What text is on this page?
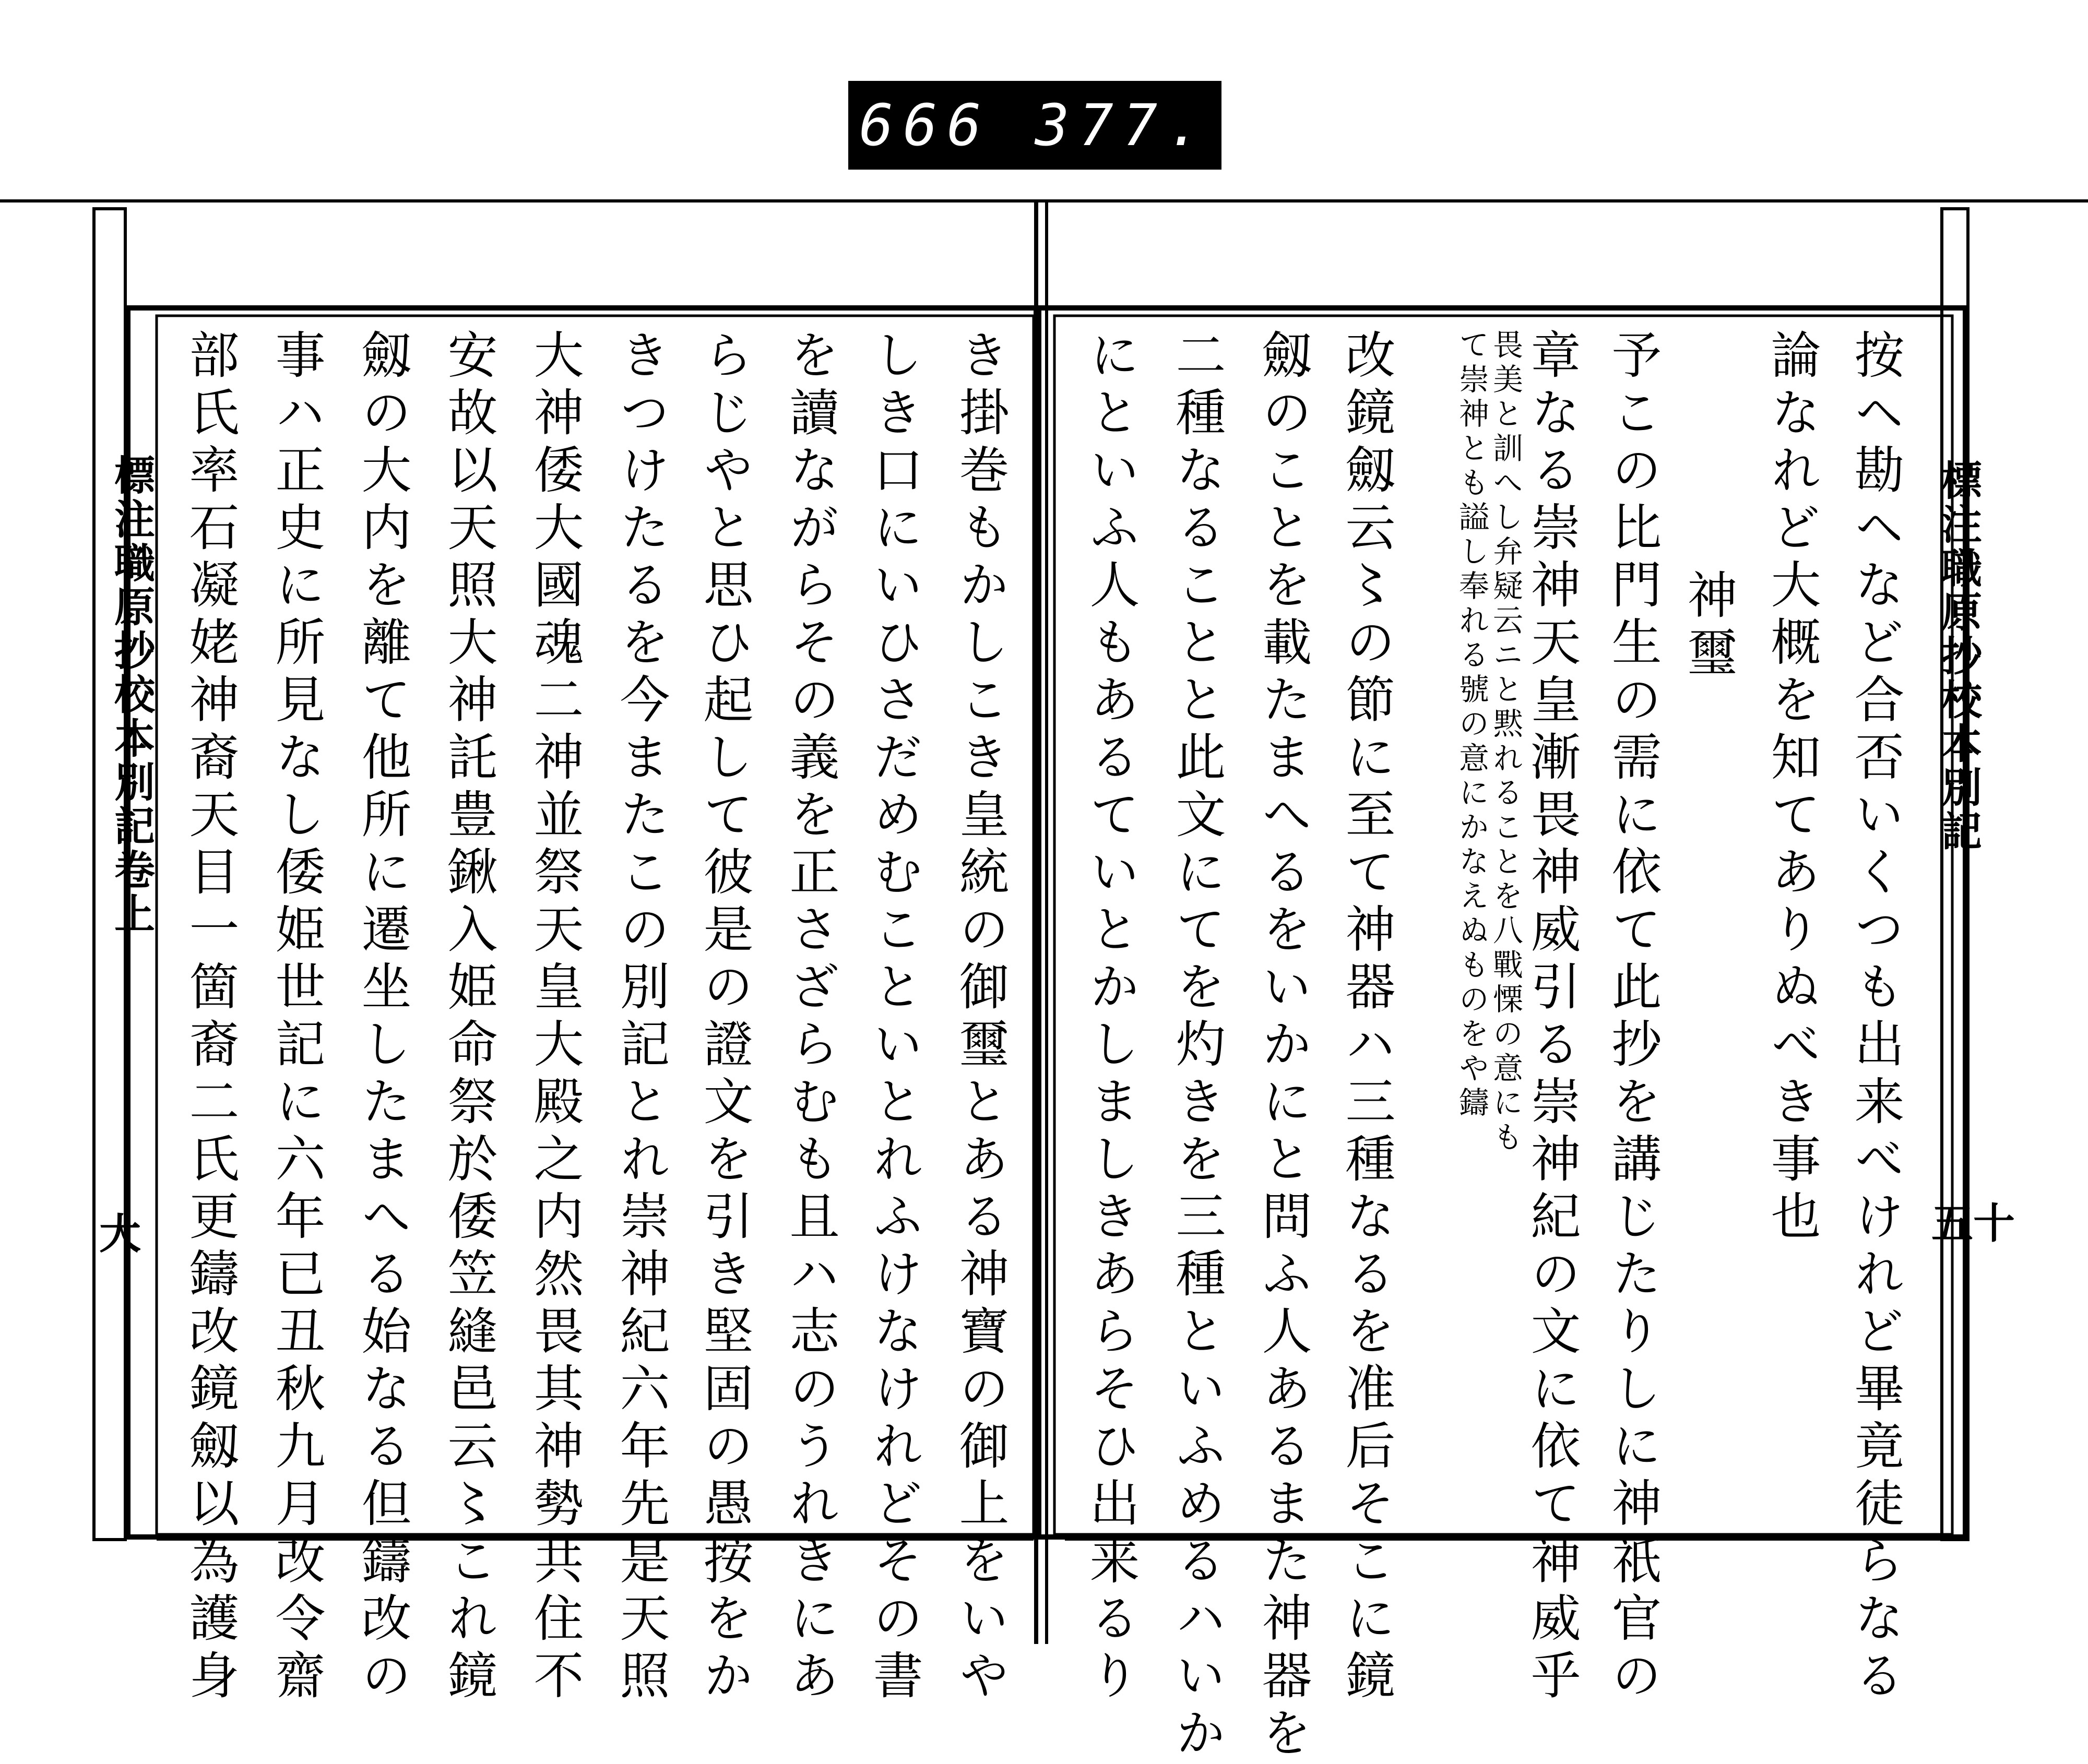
666 377.
標注職原抄校本別記
五十
按ヘ勘ヘなど合否いくつも出来べけれど畢竟徒らなる
論なれど大概を知てありぬべき事也
神璽
予この比門生の需に依て此抄を講じたりしに神祇官の
章なる崇神天皇漸畏神威引る崇神紀の文に依て神威乎
畏美と訓へし弁疑云ニと黙れることを八戰慄の意にも
て崇神とも謚し奉れる號の意にかなえぬものをや鑄
改鏡劔云〻の節に至て神器ハ三種なるを准后そこに鏡
劔のことを載たまへるをいかにと問ふ人あるまた神器を
二種なることと此文にてを灼きを三種といふめるハいか
にといふ人もあるていとかしましきあらそひ出来るり
標注職原抄校本別記卷上
大	き掛巻もかしこき皇統の御璽とある神寶の御上をいや
しき口にいひさだめむこといとれふけなけれどその書
を讀ながらその義を正さざらむも且ハ志のうれきにあ
らじやと思ひ起して彼是の證文を引き堅固の愚按をか
きつけたるを今またこの別記とれ崇神紀六年先是天照
大神倭大國魂二神並祭天皇大殿之内然畏其神勢共住不
安故以天照大神託豊鍬入姫命祭於倭笠縫邑云〻これ鏡
劔の大内を離て他所に遷坐したまへる始なる但鑄改の
事ハ正史に所見なし倭姫世記に六年已丑秋九月改令齋
部氏率石凝姥神裔天目一箇裔二氏更鑄改鏡劔以為護身
